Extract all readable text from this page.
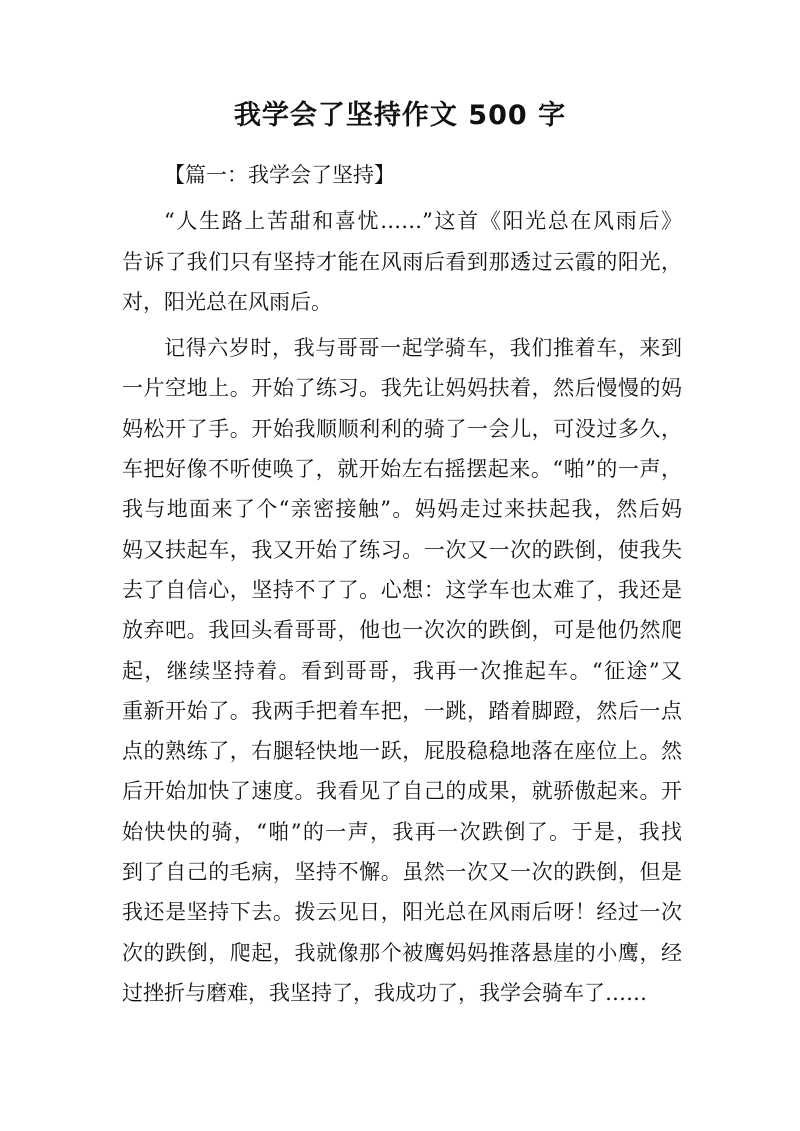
我学会了坚持作文 500 字

【篇一：我学会了坚持】

“人生路上苦甜和喜忧……”这首《阳光总在风雨后》
告诉了我们只有坚持才能在风雨后看到那透过云霞的阳光，
对，阳光总在风雨后。

记得六岁时，我与哥哥一起学骑车，我们推着车，来到
一片空地上。开始了练习。我先让妈妈扶着，然后慢慢的妈
妈松开了手。开始我顺顺利利的骑了一会儿，可没过多久，
车把好像不听使唤了，就开始左右摇摆起来。“啪”的一声，
我与地面来了个“亲密接触”。妈妈走过来扶起我，然后妈
妈又扶起车，我又开始了练习。一次又一次的跌倒，使我失
去了自信心，坚持不了了。心想：这学车也太难了，我还是
放弃吧。我回头看哥哥，他也一次次的跌倒，可是他仍然爬
起，继续坚持着。看到哥哥，我再一次推起车。“征途”又
重新开始了。我两手把着车把，一跳，踏着脚蹬，然后一点
点的熟练了，右腿轻快地一跃，屁股稳稳地落在座位上。然
后开始加快了速度。我看见了自己的成果，就骄傲起来。开
始快快的骑，“啪”的一声，我再一次跌倒了。于是，我找
到了自己的毛病，坚持不懈。虽然一次又一次的跌倒，但是
我还是坚持下去。拨云见日，阳光总在风雨后呀！经过一次
次的跌倒，爬起，我就像那个被鹰妈妈推落悬崖的小鹰，经
过挫折与磨难，我坚持了，我成功了，我学会骑车了……
